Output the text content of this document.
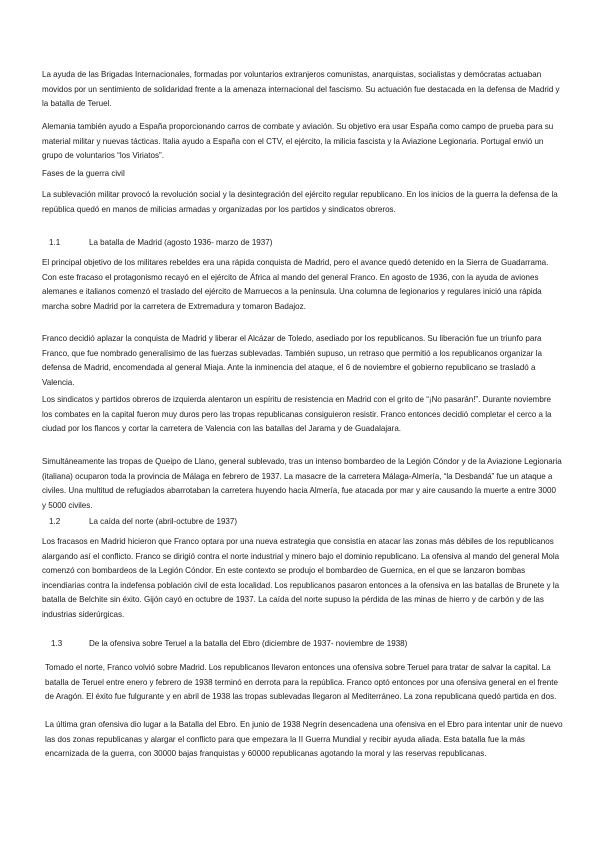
La ayuda de las Brigadas Internacionales, formadas por voluntarios extranjeros comunistas, anarquistas, socialistas y demócratas actuaban movidos por un sentimiento de solidaridad frente a la amenaza internacional del fascismo. Su actuación fue destacada en la defensa de Madrid y la batalla de Teruel.

Alemania también ayudo a España proporcionando carros de combate y aviación. Su objetivo era usar España como campo de prueba para su material militar y nuevas tácticas. Italia ayudo a España con el CTV, el ejército, la milicia fascista y la Aviazione Legionaria. Portugal envió un grupo de voluntarios “los Viriatos”.

Fases de la guerra civil

La sublevación militar provocó la revolución social y la desintegración del ejército regular republicano. En los inicios de la guerra la defensa de la república quedó en manos de milicias armadas y organizadas por los partidos y sindicatos obreros.

1.1	La batalla de Madrid (agosto 1936- marzo de 1937)

El principal objetivo de los militares rebeldes era una rápida conquista de Madrid, pero el avance quedó detenido en la Sierra de Guadarrama. Con este fracaso el protagonismo recayó en el ejército de África al mando del general Franco. En agosto de 1936, con la ayuda de aviones alemanes e italianos comenzó el traslado del ejército de Marruecos a la península. Una columna de legionarios y regulares inició una rápida marcha sobre Madrid por la carretera de Extremadura y tomaron Badajoz.

Franco decidió aplazar la conquista de Madrid y liberar el Alcázar de Toledo, asediado por los republicanos. Su liberación fue un triunfo para Franco, que fue nombrado generalísimo de las fuerzas sublevadas. También supuso, un retraso que permitió a los republicanos organizar la defensa de Madrid, encomendada al general Miaja. Ante la inminencia del ataque, el 6 de noviembre el gobierno republicano se trasladó a Valencia.

Los sindicatos y partidos obreros de izquierda alentaron un espíritu de resistencia en Madrid con el grito de “¡No pasarán!”. Durante noviembre los combates en la capital fueron muy duros pero las tropas republicanas consiguieron resistir. Franco entonces decidió completar el cerco a la ciudad por los flancos y cortar la carretera de Valencia con las batallas del Jarama y de Guadalajara.

Simultáneamente las tropas de Queipo de Llano, general sublevado, tras un intenso bombardeo de la Legión Cóndor y de la Aviazione Legionaria (italiana) ocuparon toda la provincia de Málaga en febrero de 1937. La masacre de la carretera Málaga-Almería, “la Desbandá” fue un ataque a civiles. Una multitud de refugiados abarrotaban la carretera huyendo hacia Almería, fue atacada por mar y aire causando la muerte a entre 3000 y 5000 civiles.

1.2	La caída del norte (abril-octubre de 1937)

Los fracasos en Madrid hicieron que Franco optara por una nueva estrategia que consistía en atacar las zonas más débiles de los republicanos alargando así el conflicto. Franco se dirigió contra el norte industrial y minero bajo el dominio republicano. La ofensiva al mando del general Mola comenzó con bombardeos de la Legión Cóndor. En este contexto se produjo el bombardeo de Guernica, en el que se lanzaron bombas incendiarias contra la indefensa población civil de esta localidad. Los republicanos pasaron entonces a la ofensiva en las batallas de Brunete y la batalla de Belchite sin éxito. Gijón cayó en octubre de 1937. La caída del norte supuso la pérdida de las minas de hierro y de carbón y de las industrias siderúrgicas.

1.3	De la ofensiva sobre Teruel a la batalla del Ebro (diciembre de 1937- noviembre de 1938)

Tomado el norte, Franco volvió sobre Madrid. Los republicanos llevaron entonces una ofensiva sobre Teruel para tratar de salvar la capital. La batalla de Teruel entre enero y febrero de 1938 terminó en derrota para la república. Franco optó entonces por una ofensiva general en el frente de Aragón. El éxito fue fulgurante y en abril de 1938 las tropas sublevadas llegaron al Mediterráneo. La zona republicana quedó partida en dos.

La última gran ofensiva dio lugar a la Batalla del Ebro. En junio de 1938 Negrín desencadena una ofensiva en el Ebro para intentar unir de nuevo las dos zonas republicanas y alargar el conflicto para que empezara la II Guerra Mundial y recibir ayuda aliada. Esta batalla fue la más encarnizada de la guerra, con 30000 bajas franquistas y 60000 republicanas agotando la moral y las reservas republicanas.
